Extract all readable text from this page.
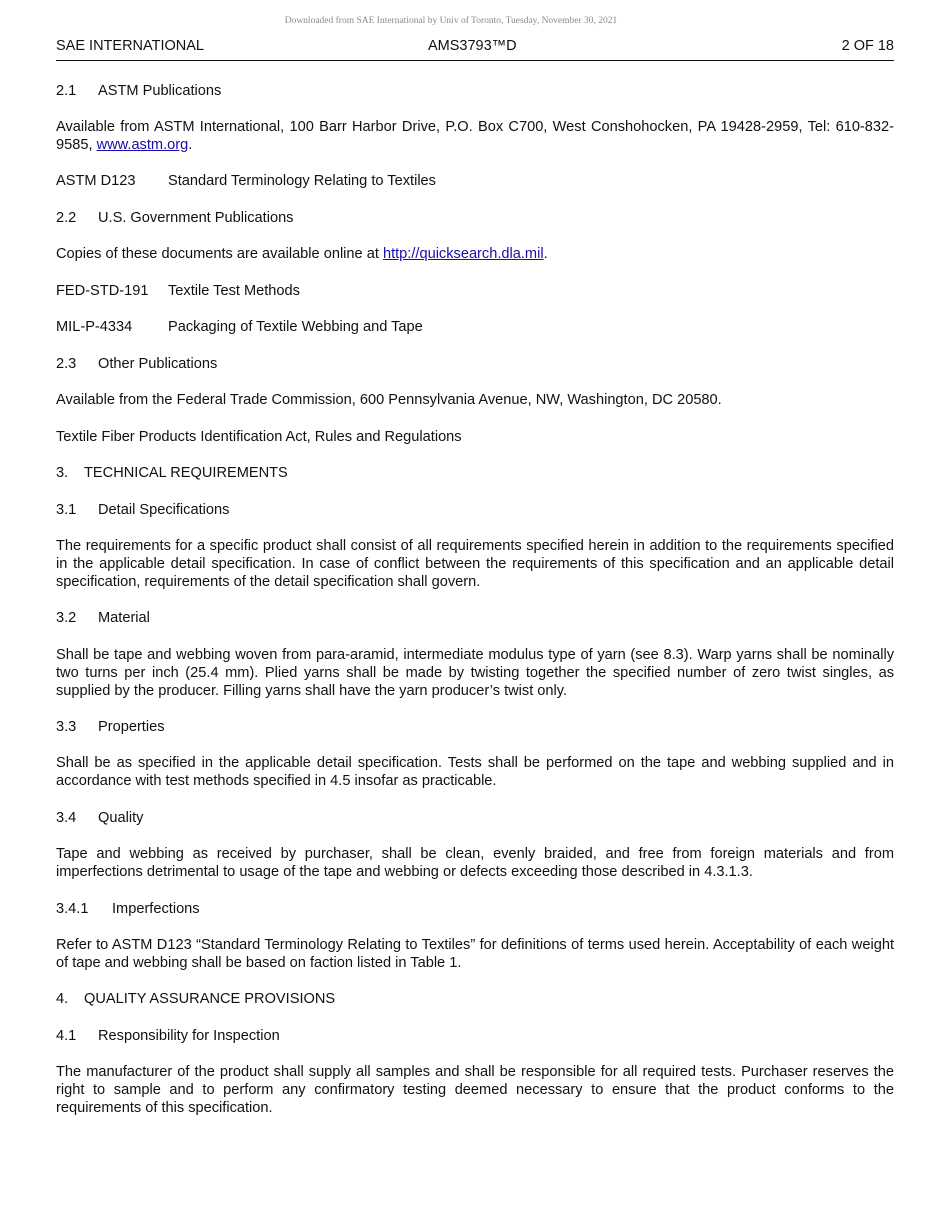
Downloaded from SAE International by Univ of Toronto, Tuesday, November 30, 2021
SAE INTERNATIONAL	AMS3793™D	2 OF 18

2.1 ASTM Publications

Available from ASTM International, 100 Barr Harbor Drive, P.O. Box C700, West Conshohocken, PA 19428-2959, Tel: 610-832-9585, www.astm.org.

ASTM D123 Standard Terminology Relating to Textiles

2.2 U.S. Government Publications

Copies of these documents are available online at http://quicksearch.dla.mil.

FED-STD-191 Textile Test Methods

MIL-P-4334 Packaging of Textile Webbing and Tape

2.3 Other Publications

Available from the Federal Trade Commission, 600 Pennsylvania Avenue, NW, Washington, DC 20580.

Textile Fiber Products Identification Act, Rules and Regulations

3. TECHNICAL REQUIREMENTS

3.1 Detail Specifications

The requirements for a specific product shall consist of all requirements specified herein in addition to the requirements specified in the applicable detail specification. In case of conflict between the requirements of this specification and an applicable detail specification, requirements of the detail specification shall govern.

3.2 Material

Shall be tape and webbing woven from para-aramid, intermediate modulus type of yarn (see 8.3). Warp yarns shall be nominally two turns per inch (25.4 mm). Plied yarns shall be made by twisting together the specified number of zero twist singles, as supplied by the producer. Filling yarns shall have the yarn producer’s twist only.

3.3 Properties

Shall be as specified in the applicable detail specification. Tests shall be performed on the tape and webbing supplied and in accordance with test methods specified in 4.5 insofar as practicable.

3.4 Quality

Tape and webbing as received by purchaser, shall be clean, evenly braided, and free from foreign materials and from imperfections detrimental to usage of the tape and webbing or defects exceeding those described in 4.3.1.3.

3.4.1 Imperfections

Refer to ASTM D123 “Standard Terminology Relating to Textiles” for definitions of terms used herein. Acceptability of each weight of tape and webbing shall be based on faction listed in Table 1.

4. QUALITY ASSURANCE PROVISIONS

4.1 Responsibility for Inspection

The manufacturer of the product shall supply all samples and shall be responsible for all required tests. Purchaser reserves the right to sample and to perform any confirmatory testing deemed necessary to ensure that the product conforms to the requirements of this specification.
